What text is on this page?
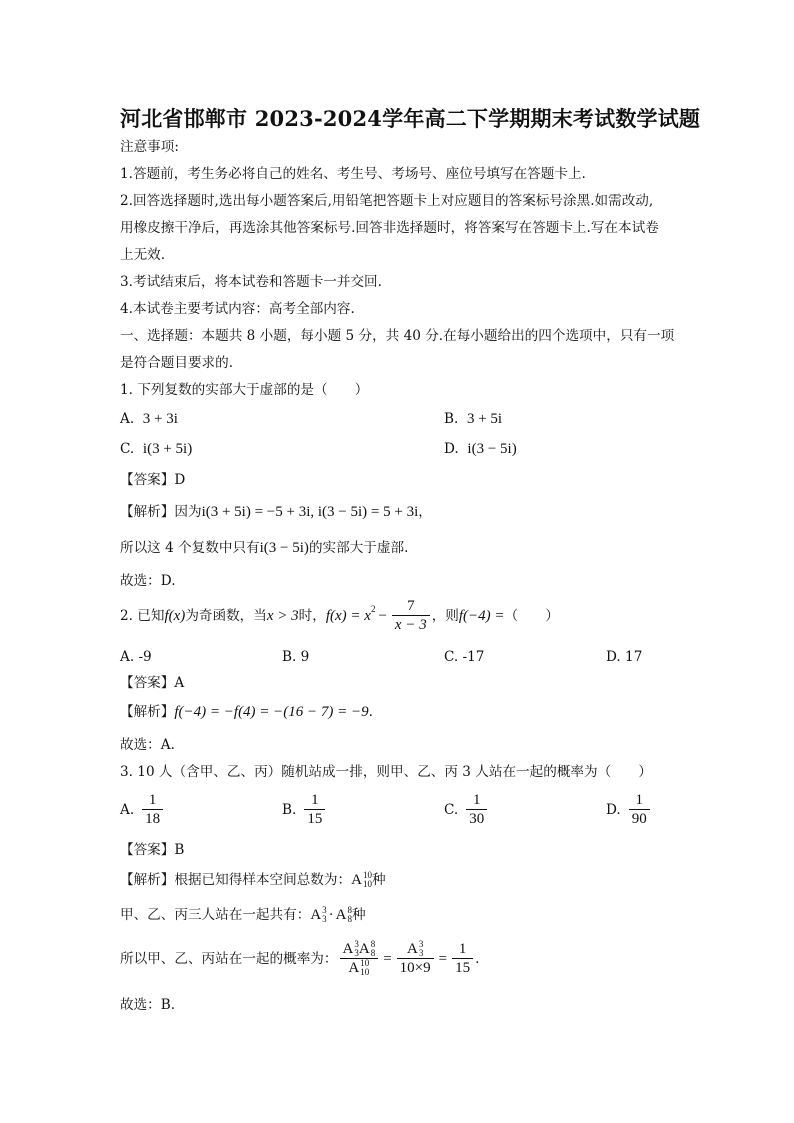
河北省邯郸市 2023-2024学年高二下学期期末考试数学试题
注意事项:
1.答题前，考生务必将自己的姓名、考生号、考场号、座位号填写在答题卡上.
2.回答选择题时,选出每小题答案后,用铅笔把答题卡上对应题目的答案标号涂黑.如需改动,
用橡皮擦干净后，再选涂其他答案标号.回答非选择题时，将答案写在答题卡上.写在本试卷
上无效.
3.考试结束后，将本试卷和答题卡一并交回.
4.本试卷主要考试内容：高考全部内容.
一、选择题：本题共 8 小题，每小题 5 分，共 40 分.在每小题给出的四个选项中，只有一项
是符合题目要求的.
1. 下列复数的实部大于虚部的是（　　）
A. 3 + 3i	B. 3 + 5i
C. i(3 + 5i)	D. i(3 − 5i)
【答案】D
【解析】因为i(3 + 5i) = −5 + 3i, i(3 − 5i) = 5 + 3i，
所以这 4 个复数中只有i(3 − 5i)的实部大于虚部.
故选：D.
2. 已知 f(x) 为奇函数，当 x > 3 时， f(x) = x $2 - \frac{7}{x - 3}$ ，则 f(−4) = （　　）
A. -9	B. 9	C. -17	D. 17
【答案】A
【解析】f(−4) = −f(4) = −(16 − 7) = −9.
故选：A.
3. 10 人（含甲、乙、丙）随机站成一排，则甲、乙、丙 3 人站在一起的概率为（　　）
A. $\frac{1}{18}$	B. $\frac{1}{15}$	C. $\frac{1}{30}$	D. $\frac{1}{90}$
【答案】B
【解析】根据已知得样本空间总数为： A 10
10 种
甲、乙、丙三人站在一起共有： A 3
3 · A 8
8 种
所以甲、乙、丙站在一起的概率为： A 3
3 A 8
8
A 10
10 = A 3
3
$10\times 9 = \frac{1}{15}$ .
故选：B.
